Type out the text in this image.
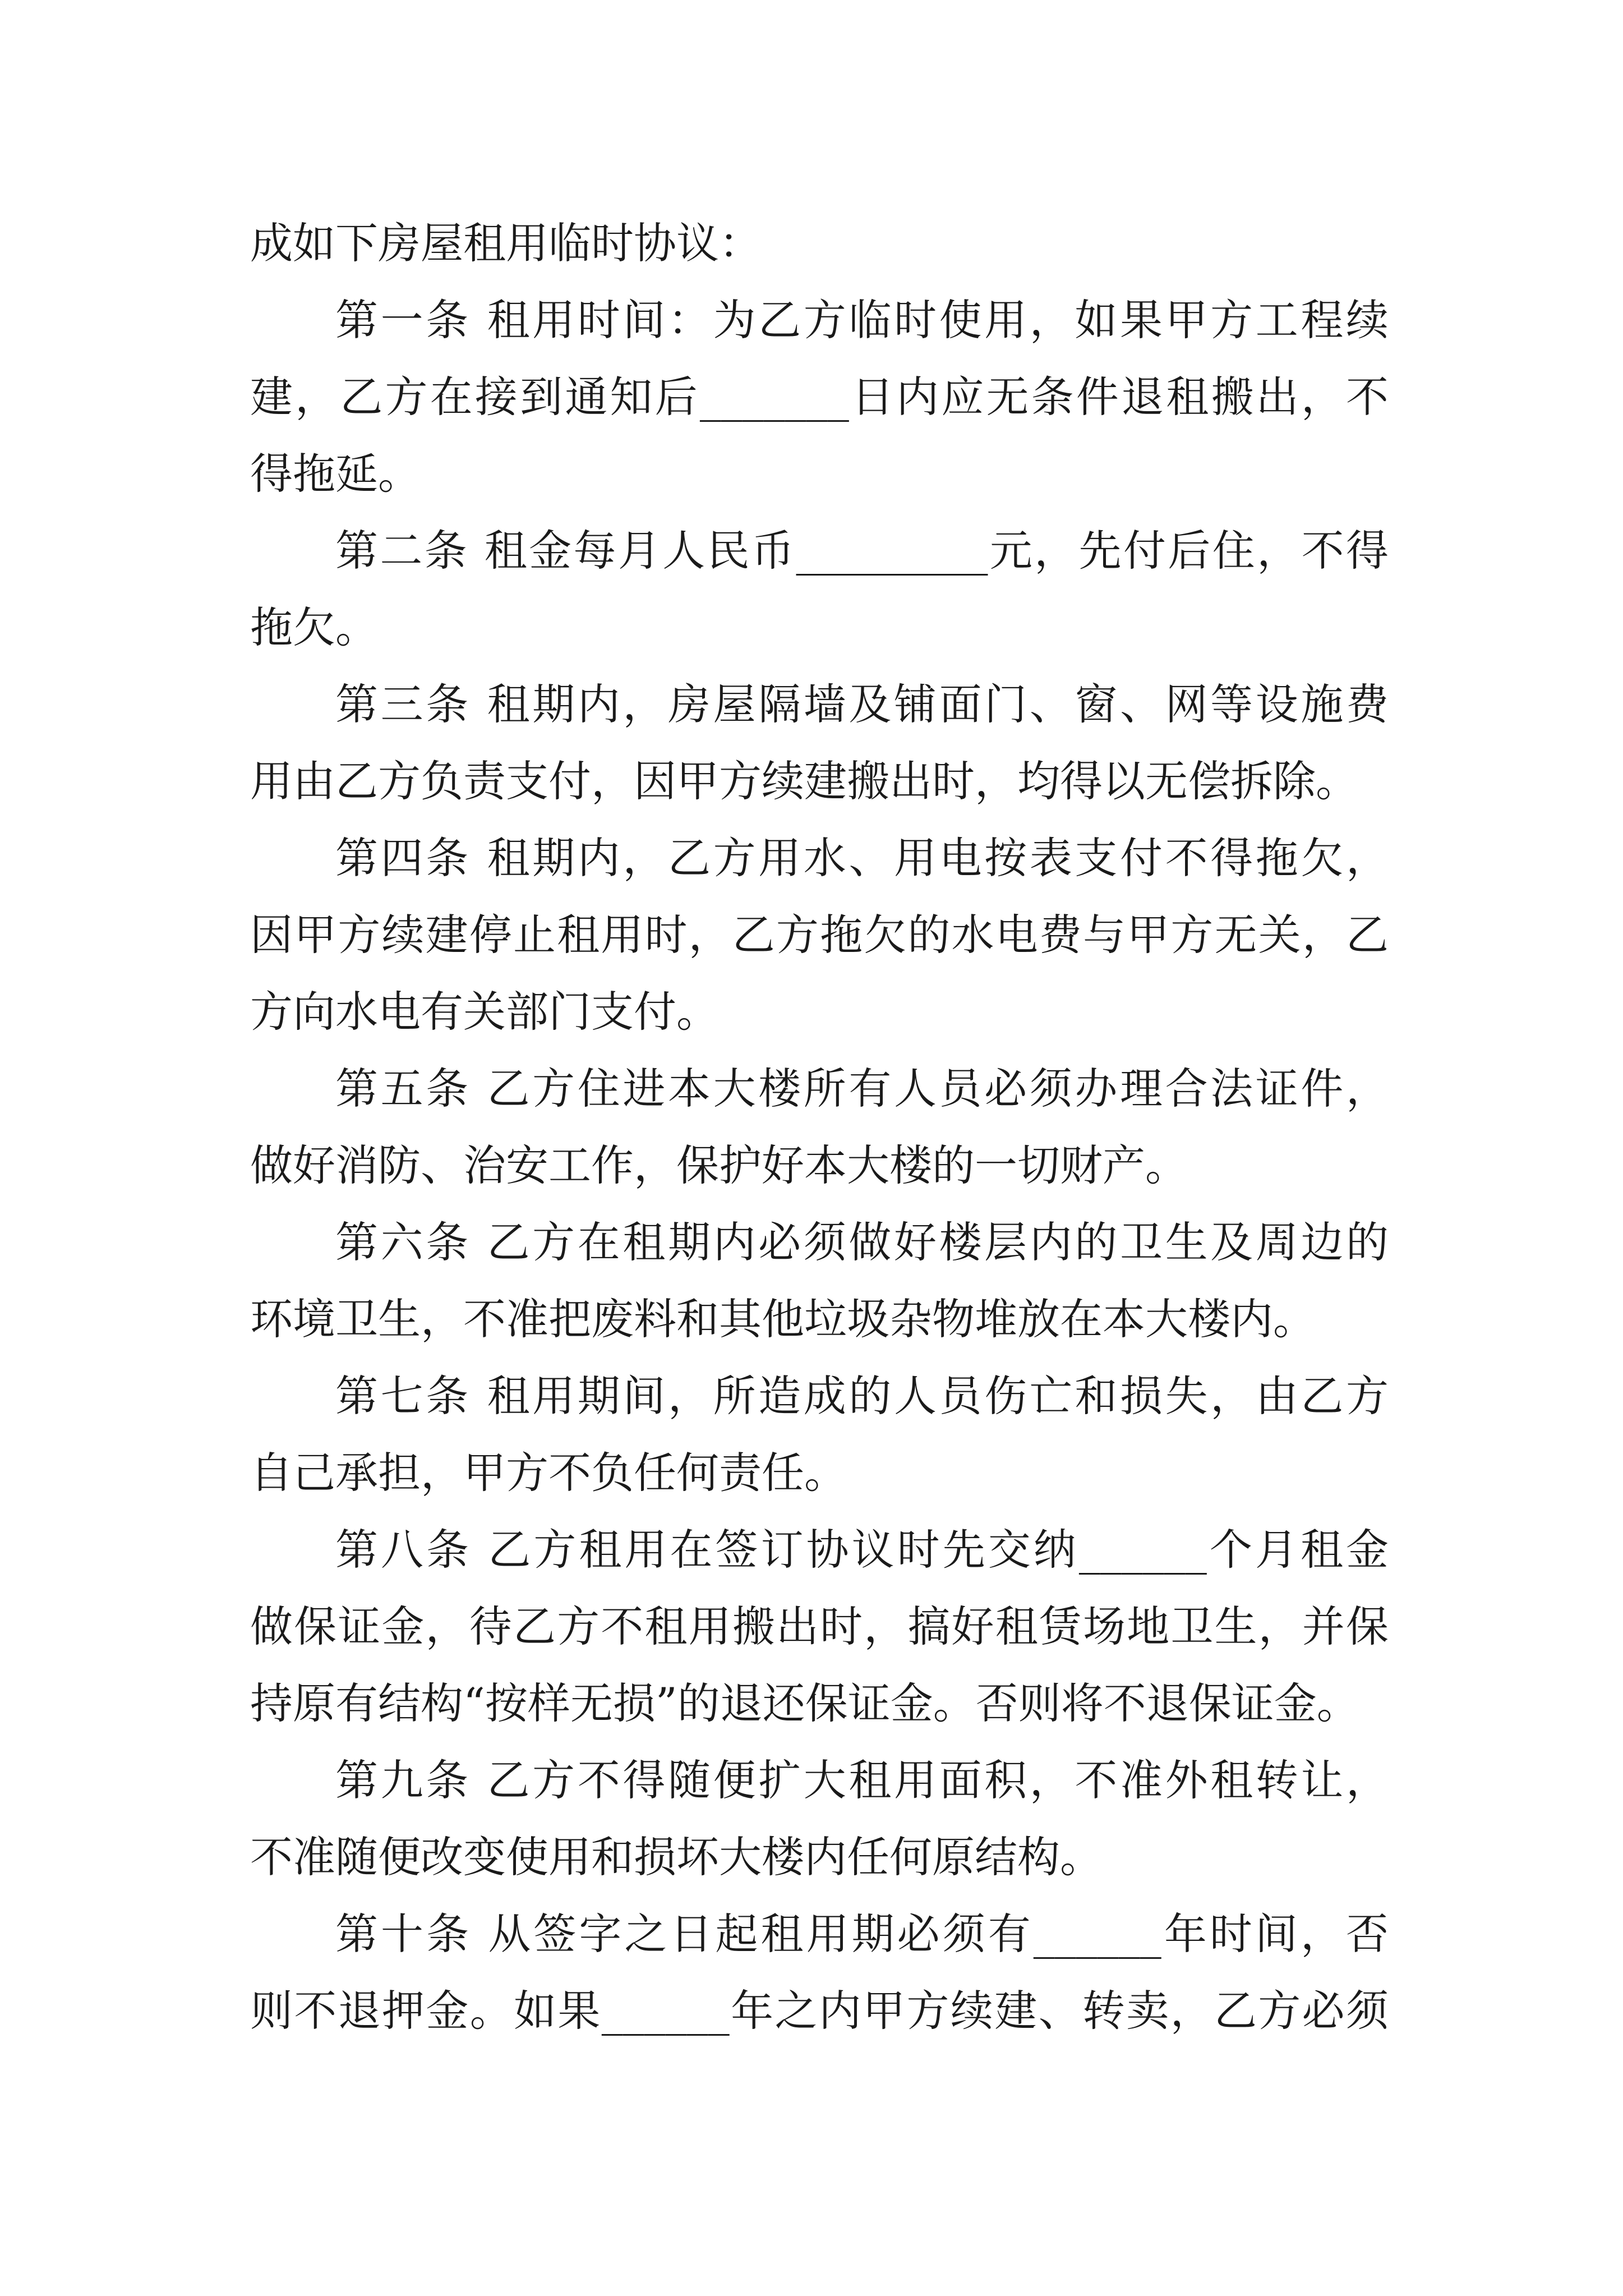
成如下房屋租用临时协议：
第一条 租用时间：为乙方临时使用，如果甲方工程续
建，乙方在接到通知后_______日内应无条件退租搬出，不
得拖延。
第二条 租金每月人民币_________元，先付后住，不得
拖欠。
第三条 租期内，房屋隔墙及铺面门、窗、网等设施费
用由乙方负责支付，因甲方续建搬出时，均得以无偿拆除。
第四条 租期内，乙方用水、用电按表支付不得拖欠，
因甲方续建停止租用时，乙方拖欠的水电费与甲方无关，乙
方向水电有关部门支付。
第五条 乙方住进本大楼所有人员必须办理合法证件，
做好消防、治安工作，保护好本大楼的一切财产。
第六条 乙方在租期内必须做好楼层内的卫生及周边的
环境卫生，不准把废料和其他垃圾杂物堆放在本大楼内。
第七条 租用期间，所造成的人员伤亡和损失，由乙方
自己承担，甲方不负任何责任。
第八条 乙方租用在签订协议时先交纳______个月租金
做保证金，待乙方不租用搬出时，搞好租赁场地卫生，并保
持原有结构“按样无损”的退还保证金。否则将不退保证金。
第九条 乙方不得随便扩大租用面积，不准外租转让，
不准随便改变使用和损坏大楼内任何原结构。
第十条 从签字之日起租用期必须有______年时间，否
则不退押金。如果______年之内甲方续建、转卖，乙方必须
